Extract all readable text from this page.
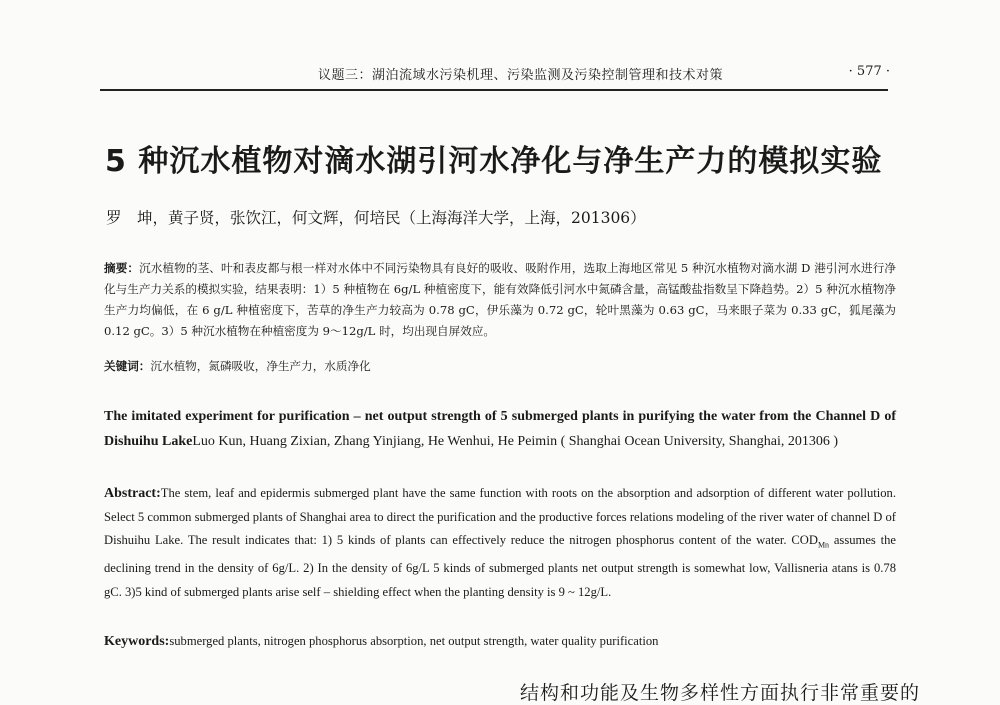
议题三：湖泊流域水污染机理、污染监测及污染控制管理和技术对策	· 577 ·
5 种沉水植物对滴水湖引河水净化与净生产力的模拟实验
罗　坤，黄子贤，张饮江，何文辉，何培民（上海海洋大学，上海，201306）
摘要：沉水植物的茎、叶和表皮都与根一样对水体中不同污染物具有良好的吸收、吸附作用，选取上海地区常见 5 种沉水植物对滴水湖 D 港引河水进行净化与生产力关系的模拟实验，结果表明：1）5 种植物在 6g/L 种植密度下，能有效降低引河水中氮磷含量，高锰酸盐指数呈下降趋势。2）5 种沉水植物净生产力均偏低，在 6 g/L 种植密度下，苦草的净生产力较高为 0.78 gC，伊乐藻为 0.72 gC，轮叶黑藻为 0.63 gC，马来眼子菜为 0.33 gC，狐尾藻为 0.12 gC。3）5 种沉水植物在种植密度为 9～12g/L 时，均出现自屏效应。
关键词：沉水植物，氮磷吸收，净生产力，水质净化
The imitated experiment for purification – net output strength of 5 submerged plants in purifying the water from the Channel D of Dishuihu LakeLuo Kun, Huang Zixian, Zhang Yinjiang, He Wenhui, He Peimin ( Shanghai Ocean University, Shanghai, 201306 )
Abstract:The stem, leaf and epidermis submerged plant have the same function with roots on the absorption and adsorption of different water pollution. Select 5 common submerged plants of Shanghai area to direct the purification and the productive forces relations modeling of the river water of channel D of Dishuihu Lake. The result indicates that: 1) 5 kinds of plants can effectively reduce the nitrogen phosphorus content of the water. $COD_{Mn}$ assumes the declining trend in the density of 6g/L. 2) In the density of 6g/L 5 kinds of submerged plants net output strength is somewhat low, Vallisneria atans is 0.78 gC. 3)5 kind of submerged plants arise self – shielding effect when the planting density is 9 ~ 12g/L.
Keywords:submerged plants, nitrogen phosphorus absorption, net output strength, water quality purification
结构和功能及生物多样性方面执行非常重要的
